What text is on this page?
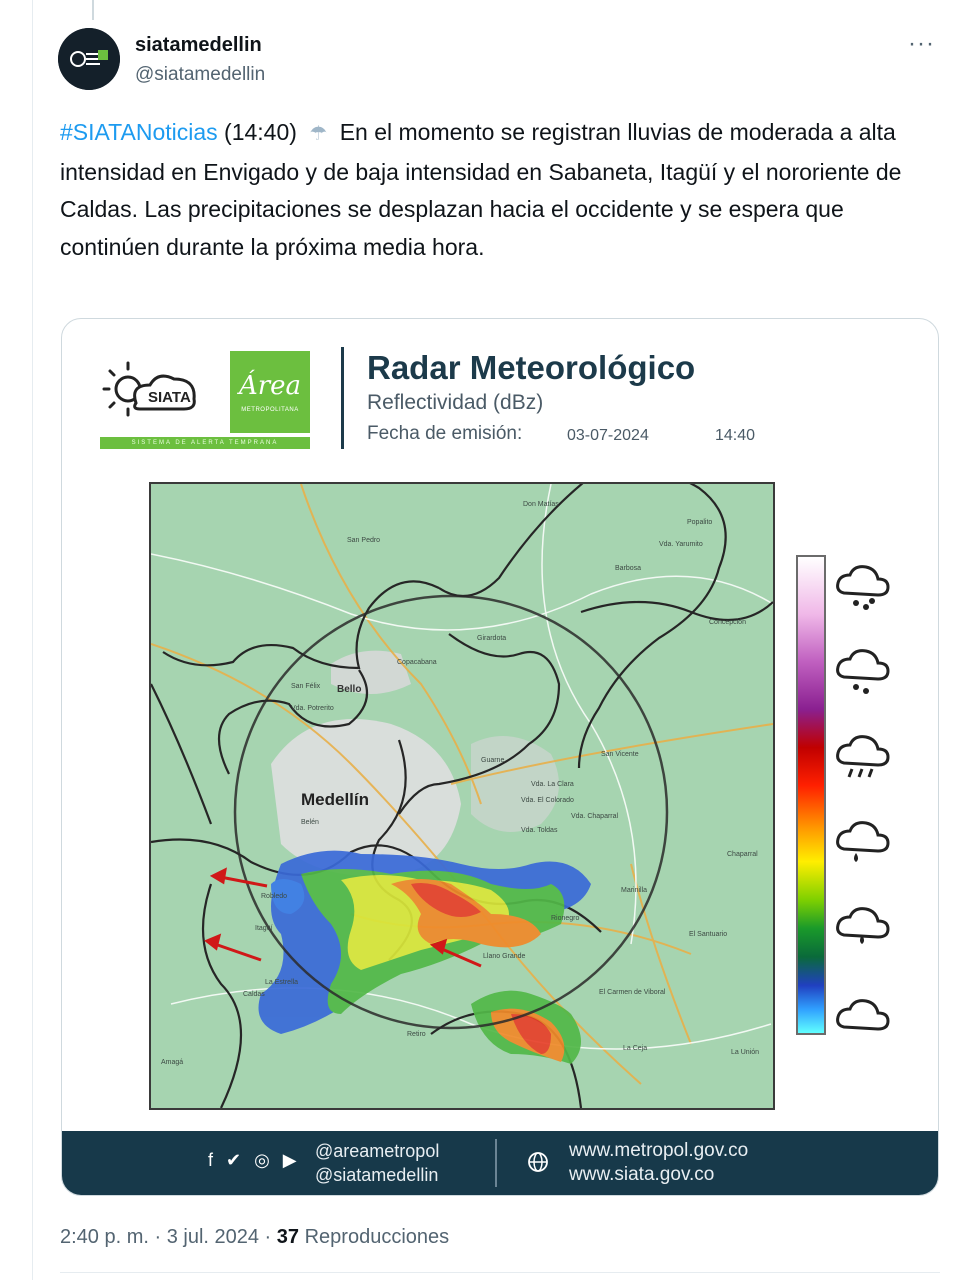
siatamedellin
@siatamedellin
···
#SIATANoticias (14:40) ☂ En el momento se registran lluvias de moderada a alta intensidad en Envigado y de baja intensidad en Sabaneta, Itagüí y el nororiente de Caldas. Las precipitaciones se desplazan hacia el occidente y se espera que continúen durante la próxima media hora.
SIATA Área
METROPOLITANA
SISTEMA DE ALERTA TEMPRANA
Radar Meteorológico
Reflectividad (dBz)
Fecha de emisión:	03-07-2024	14:40
Don Matías
San Pedro
Popalito
Vda. Yarumito
Barbosa
Girardota
Copacabana
San Félix
Vda. Potrerito
San Vicente
Guarne
Vda. El Colorado
Vda. Chaparral
Vda. La Clara
Vda. Toldas
Marinilla
Rionegro
Llano Grande
El Santuario
Itagüí
La Estrella
Caldas	El Carmen de Viboral
La Ceja
La Unión
Retiro
Amagá
Concepción
Chaparral
Belén
Robledo
Medellín
Bello
f ✔ ◎ ▶ @areametropol
@siatamedellin
www.metropol.gov.co
www.siata.gov.co
2:40 p. m. · 3 jul. 2024 · 37 Reproducciones
